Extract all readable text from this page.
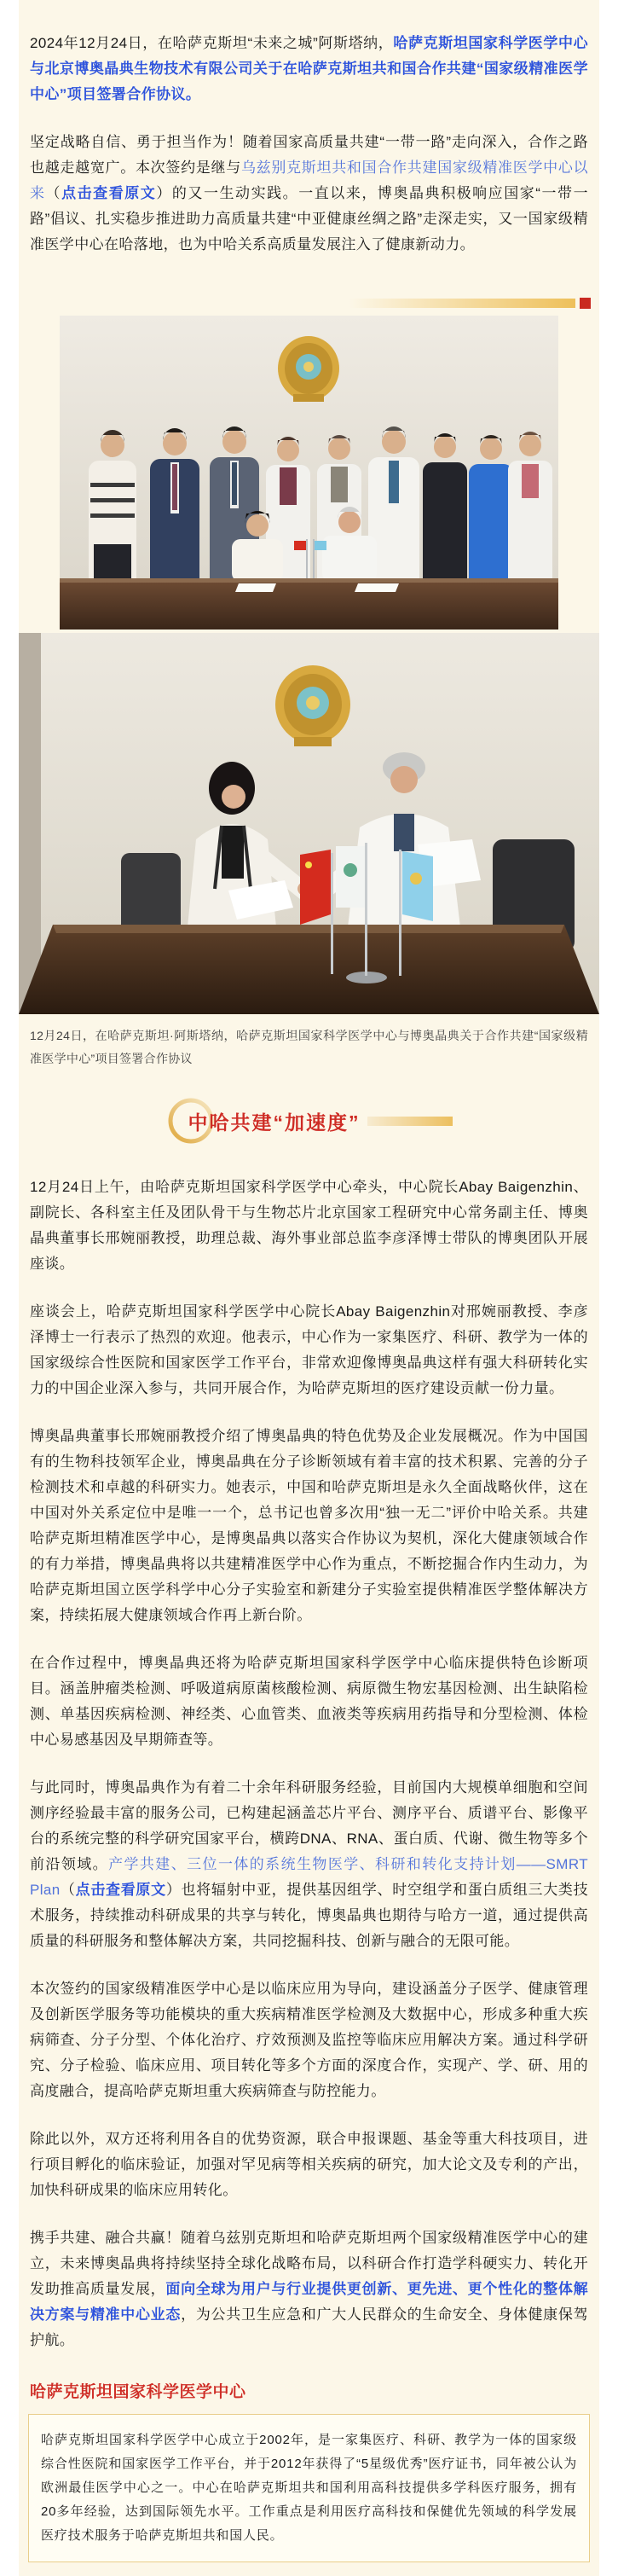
2024年12月24日，在哈萨克斯坦“未来之城”阿斯塔纳，哈萨克斯坦国家科学医学中心与北京博奥晶典生物技术有限公司关于在哈萨克斯坦共和国合作共建“国家级精准医学中心”项目签署合作协议。

坚定战略自信、勇于担当作为！随着国家高质量共建“一带一路”走向深入，合作之路也越走越宽广。本次签约是继与乌兹别克斯坦共和国合作共建国家级精准医学中心以来（点击查看原文）的又一生动实践。一直以来，博奥晶典积极响应国家“一带一路”倡议、扎实稳步推进助力高质量共建“中亚健康丝绸之路”走深走实，又一国家级精准医学中心在哈落地，也为中哈关系高质量发展注入了健康新动力。

12月24日，在哈萨克斯坦·阿斯塔纳，哈萨克斯坦国家科学医学中心与博奥晶典关于合作共建“国家级精准医学中心”项目签署合作协议

中哈共建“加速度”

12月24日上午，由哈萨克斯坦国家科学医学中心牵头，中心院长Abay Baigenzhin、副院长、各科室主任及团队骨干与生物芯片北京国家工程研究中心常务副主任、博奥晶典董事长邢婉丽教授，助理总裁、海外事业部总监李彦泽博士带队的博奥团队开展座谈。

座谈会上，哈萨克斯坦国家科学医学中心院长Abay Baigenzhin对邢婉丽教授、李彦泽博士一行表示了热烈的欢迎。他表示，中心作为一家集医疗、科研、教学为一体的国家级综合性医院和国家医学工作平台，非常欢迎像博奥晶典这样有强大科研转化实力的中国企业深入参与，共同开展合作，为哈萨克斯坦的医疗建设贡献一份力量。

博奥晶典董事长邢婉丽教授介绍了博奥晶典的特色优势及企业发展概况。作为中国国有的生物科技领军企业，博奥晶典在分子诊断领域有着丰富的技术积累、完善的分子检测技术和卓越的科研实力。她表示，中国和哈萨克斯坦是永久全面战略伙伴，这在中国对外关系定位中是唯一一个，总书记也曾多次用“独一无二”评价中哈关系。共建哈萨克斯坦精准医学中心，是博奥晶典以落实合作协议为契机，深化大健康领域合作的有力举措，博奥晶典将以共建精准医学中心作为重点，不断挖掘合作内生动力，为哈萨克斯坦国立医学科学中心分子实验室和新建分子实验室提供精准医学整体解决方案，持续拓展大健康领域合作再上新台阶。

在合作过程中，博奥晶典还将为哈萨克斯坦国家科学医学中心临床提供特色诊断项目。涵盖肿瘤类检测、呼吸道病原菌核酸检测、病原微生物宏基因检测、出生缺陷检测、单基因疾病检测、神经类、心血管类、血液类等疾病用药指导和分型检测、体检中心易感基因及早期筛查等。

与此同时，博奥晶典作为有着二十余年科研服务经验，目前国内大规模单细胞和空间测序经验最丰富的服务公司，已构建起涵盖芯片平台、测序平台、质谱平台、影像平台的系统完整的科学研究国家平台，横跨DNA、RNA、蛋白质、代谢、微生物等多个前沿领域。产学共建、三位一体的系统生物医学、科研和转化支持计划——SMRT Plan（点击查看原文）也将辐射中亚，提供基因组学、时空组学和蛋白质组三大类技术服务，持续推动科研成果的共享与转化，博奥晶典也期待与哈方一道，通过提供高质量的科研服务和整体解决方案，共同挖掘科技、创新与融合的无限可能。

本次签约的国家级精准医学中心是以临床应用为导向，建设涵盖分子医学、健康管理及创新医学服务等功能模块的重大疾病精准医学检测及大数据中心，形成多种重大疾病筛查、分子分型、个体化治疗、疗效预测及监控等临床应用解决方案。通过科学研究、分子检验、临床应用、项目转化等多个方面的深度合作，实现产、学、研、用的高度融合，提高哈萨克斯坦重大疾病筛查与防控能力。

除此以外，双方还将利用各自的优势资源，联合申报课题、基金等重大科技项目，进行项目孵化的临床验证，加强对罕见病等相关疾病的研究，加大论文及专利的产出，加快科研成果的临床应用转化。

携手共建、融合共赢！随着乌兹别克斯坦和哈萨克斯坦两个国家级精准医学中心的建立，未来博奥晶典将持续坚持全球化战略布局，以科研合作打造学科硬实力、转化开发助推高质量发展，面向全球为用户与行业提供更创新、更先进、更个性化的整体解决方案与精准中心业态，为公共卫生应急和广大人民群众的生命安全、身体健康保驾护航。

哈萨克斯坦国家科学医学中心

哈萨克斯坦国家科学医学中心成立于2002年，是一家集医疗、科研、教学为一体的国家级综合性医院和国家医学工作平台，并于2012年获得了“5星级优秀”医疗证书，同年被公认为欧洲最佳医学中心之一。中心在哈萨克斯坦共和国利用高科技提供多学科医疗服务，拥有20多年经验，达到国际领先水平。工作重点是利用医疗高科技和保健优先领域的科学发展医疗技术服务于哈萨克斯坦共和国人民。
